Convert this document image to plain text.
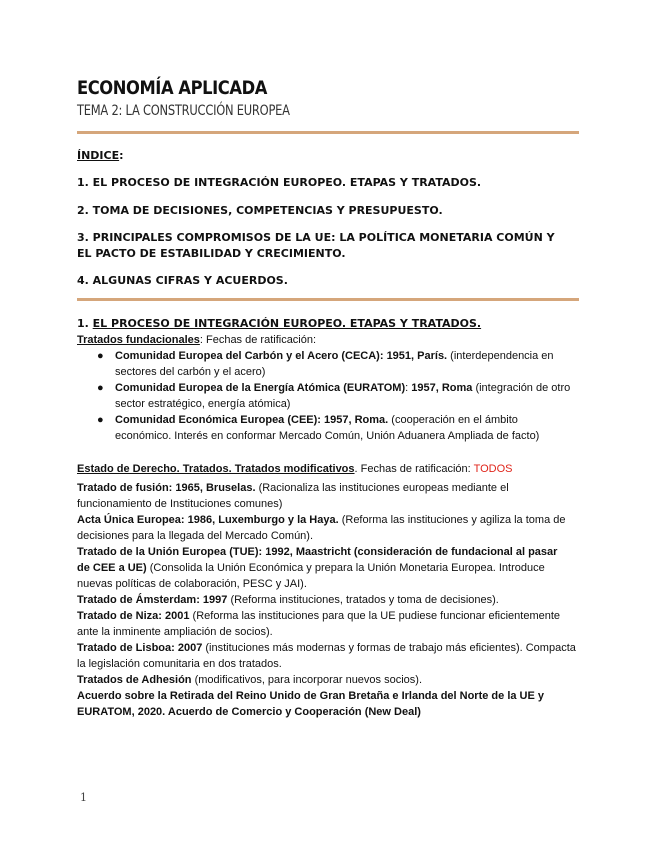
ECONOMÍA APLICADA
TEMA 2: LA CONSTRUCCIÓN EUROPEA
ÍNDICE:
1. EL PROCESO DE INTEGRACIÓN EUROPEO. ETAPAS Y TRATADOS.
2. TOMA DE DECISIONES, COMPETENCIAS Y PRESUPUESTO.
3. PRINCIPALES COMPROMISOS DE LA UE: LA POLÍTICA MONETARIA COMÚN Y EL PACTO DE ESTABILIDAD Y CRECIMIENTO.
4. ALGUNAS CIFRAS Y ACUERDOS.
1. EL PROCESO DE INTEGRACIÓN EUROPEO. ETAPAS Y TRATADOS.

Tratados fundacionales: Fechas de ratificación:

● Comunidad Europea del Carbón y el Acero (CECA): 1951, París. (interdependencia en sectores del carbón y el acero)
● Comunidad Europea de la Energía Atómica (EURATOM): 1957, Roma (integración de otro sector estratégico, energía atómica)
● Comunidad Económica Europea (CEE): 1957, Roma. (cooperación en el ámbito económico. Interés en conformar Mercado Común, Unión Aduanera Ampliada de facto)

Estado de Derecho. Tratados. Tratados modificativos. Fechas de ratificación: TODOS

Tratado de fusión: 1965, Bruselas. (Racionaliza las instituciones europeas mediante el funcionamiento de Instituciones comunes)

Acta Única Europea: 1986, Luxemburgo y la Haya. (Reforma las instituciones y agiliza la toma de decisiones para la llegada del Mercado Común).

Tratado de la Unión Europea (TUE): 1992, Maastricht (consideración de fundacional al pasar
de CEE a UE) (Consolida la Unión Económica y prepara la Unión Monetaria Europea. Introduce nuevas políticas de colaboración, PESC y JAI).

Tratado de Ámsterdam: 1997 (Reforma instituciones, tratados y toma de decisiones).

Tratado de Niza: 2001 (Reforma las instituciones para que la UE pudiese funcionar eficientemente
ante la inminente ampliación de socios).

Tratado de Lisboa: 2007 (instituciones más modernas y formas de trabajo más eficientes). Compacta la legislación comunitaria en dos tratados.

Tratados de Adhesión (modificativos, para incorporar nuevos socios).

Acuerdo sobre la Retirada del Reino Unido de Gran Bretaña e Irlanda del Norte de la UE y EURATOM, 2020. Acuerdo de Comercio y Cooperación (New Deal)

1
